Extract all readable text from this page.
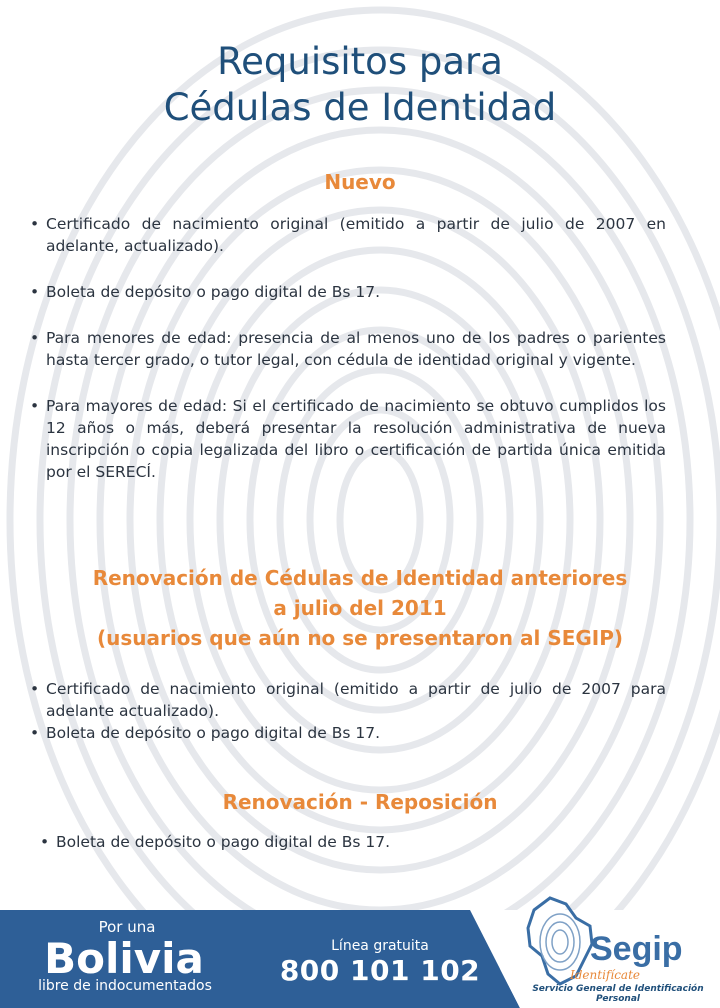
Requisitos para
Cédulas de Identidad
Nuevo
• Certificado de nacimiento original (emitido a partir de julio de 2007 en adelante, actualizado).
• Boleta de depósito o pago digital de Bs 17.
• Para menores de edad: presencia de al menos uno de los padres o parientes hasta tercer grado, o tutor legal, con cédula de identidad original y vigente.
• Para mayores de edad: Si el certificado de nacimiento se obtuvo cumplidos los 12 años o más, deberá presentar la resolución administrativa de nueva inscripción o copia legalizada del libro o certificación de partida única emitida por el SERECÍ.
Renovación de Cédulas de Identidad anteriores
a julio del 2011
(usuarios que aún no se presentaron al SEGIP)
• Certificado de nacimiento original (emitido a partir de julio de 2007 para adelante actualizado).
• Boleta de depósito o pago digital de Bs 17.
Renovación - Reposición
• Boleta de depósito o pago digital de Bs 17.
Por una
Bolivia
libre de indocumentados
Línea gratuita
800 101 102
Segip
Identifícate
Servicio General de Identificación Personal
